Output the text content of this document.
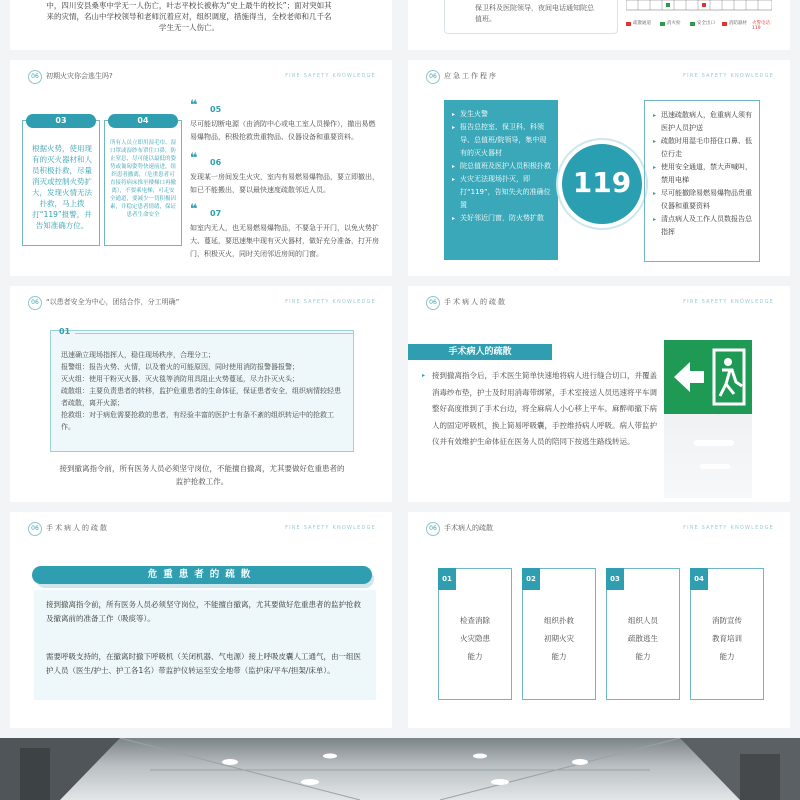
中，四川安县桑枣中学无一人伤亡，叶志平校长被称为“史上最牛的校长”；面对突如其来的灾情，名山中学校领导和老师沉着应对，组织调度，措施得当，全校老师和几千名学生无一人伤亡。
保卫科及医院领导，夜间电话通知院总值班。
疏散通道	消火栓	安全出口	消防器材 火警电话：119
06	初期火灾你会逃生吗?	FIRE SAFETY KNOWLEDGE
根据火势，使用现有的灭火器材和人员积极扑救，尽量消灭或控制火势扩大，发现火情无法扑救，马上拨打“119”报警，并告知准确方位。
03
所有人员立即用湿毛巾、湿口罩或湿纱布罩住口鼻，防止窒息，尽可能以最低的姿势或匍匐姿势快速前进，组织患者撤离，（危重患者可直接将病床推至楼梯口再撤离），不要乘电梯，可走安全通道，要减少一切积极因素，并稳定患者情绪，保证患者生命安全
04
❝ 05
尽可能切断电源（由消防中心或电工室人员操作），撤出易燃易爆物品，积极抢救贵重物品、仪器设备和重要资料。
❝ 06
发现某一房间发生火灾，室内有易燃易爆物品，要立即撤出，如已不能搬出，要以最快速度疏散邻近人员。
❝ 07
如室内无人，也无易燃易爆物品，不要急于开门，以免火势扩大、蔓延，要迅速集中现有灭火器材，做好充分准备，打开房门，积极灭火，同时关闭邻近房间的门窗。
06	应急工作程序	FIRE SAFETY KNOWLEDGE
▸ 发生火警
▸ 报告总控室、保卫科、科领导、总值班/院领导，集中现有的灭火器材
▸ 院总值班及医护人员积极扑救
▸ 火灾无法现场扑灭，即打“119”，告知失火的准确位置
▸ 关好邻近门窗，防火势扩散
119
▸ 迅速疏散病人，危重病人须有医护人员护送
▸ 疏散时用湿毛巾捂住口鼻、低位行走
▸ 使用安全通道，禁大声喊叫，禁用电梯
▸ 尽可能撤除易燃易爆物品贵重仪器和重要资料
▸ 清点病人及工作人员数报告总指挥
06	“以患者安全为中心，团结合作，分工明确”	FIRE SAFETY KNOWLEDGE
01
迅速确立现场指挥人，稳住现场秩序，合理分工；
报警组：报告火势、火情，以及着火的可能原因，同时使用消防报警器报警；
灭火组：使用干粉灭火器、灭火毯等消防用具阻止火势蔓延，尽力扑灭火头；
疏散组：主要负责患者的转移，监护危重患者的生命体征，保证患者安全，组织病情较轻患者疏散，离开火源；
抢救组：对于病危需要抢救的患者，有经验丰富的医护士有条不紊的组织转运中的抢救工作。
接到撤离指令前，所有医务人员必须坚守岗位，不能擅自撤离，尤其要做好危重患者的监护抢救工作。
06	手术病人的疏散	FIRE SAFETY KNOWLEDGE
手术病人的疏散
▸ 接到撤离指令后，手术医生简单快速地将病人进行缝合切口，并覆盖消毒纱布垫，护士及时用消毒带绑紧，手术室接送人员迅速将平车调整好高度推到了手术台边，将全麻病人小心移上平车。麻醉师撤下病人的固定呼吸机，换上简易呼吸囊，手控维持病人呼吸。病人带监护仪并有效维护生命体征在医务人员的陪同下按逃生路线转运。
06	手术病人的疏散	FIRE SAFETY KNOWLEDGE
危重患者的疏散
接到撤离指令前，所有医务人员必须坚守岗位，不能擅自撤离，尤其要做好危重患者的监护抢救及撤离前的准备工作（吸痰等）。
需要呼吸支持的，在撤离时撤下呼吸机（关闭机器、气电源）接上呼吸皮囊人工通气，由一组医护人员（医生/护士、护工各1名）带监护仪转运至安全地带（监护床/平车/担架/床单）。
06	手术病人的疏散	FIRE SAFETY KNOWLEDGE
01
检查消除
火灾隐患
能力
02
组织扑救
初期火灾
能力
03
组织人员
疏散逃生
能力
04
消防宣传
教育培训
能力
